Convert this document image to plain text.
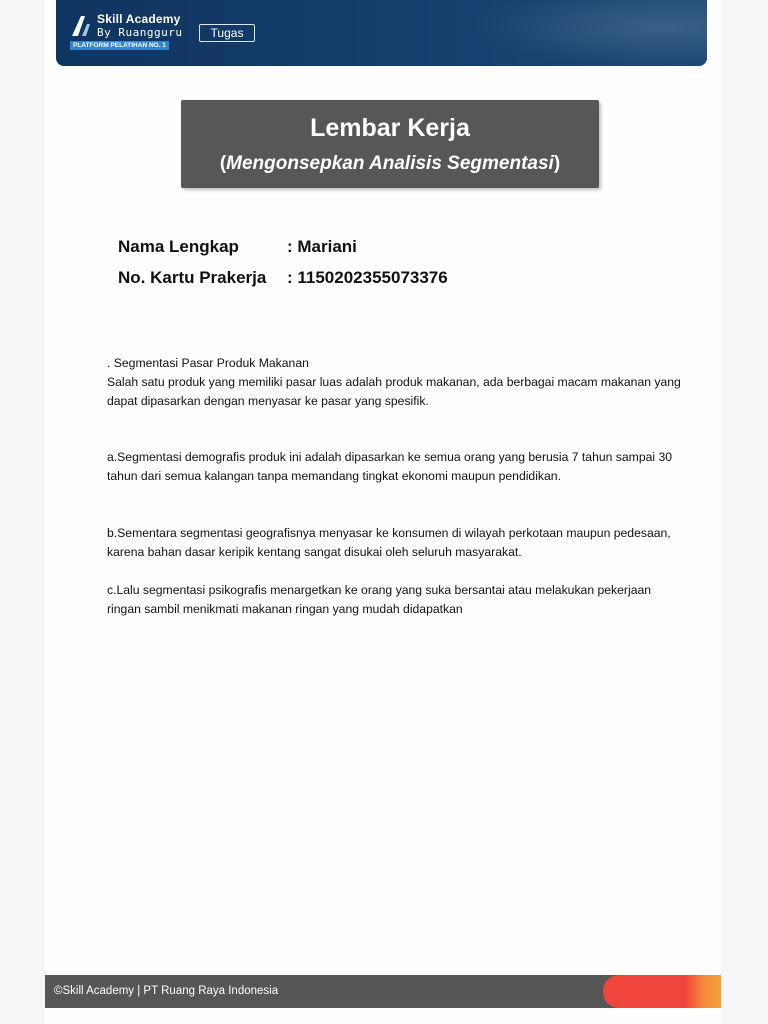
Skill Academy
By Ruangguru
PLATFORM PELATIHAN NO. 1
Tugas
Lembar Kerja
(Mengonsepkan Analisis Segmentasi)
Nama Lengkap	: Mariani
No. Kartu Prakerja : 1150202355073376
. Segmentasi Pasar Produk Makanan
Salah satu produk yang memiliki pasar luas adalah produk makanan, ada berbagai macam makanan yang dapat dipasarkan dengan menyasar ke pasar yang spesifik.
a.Segmentasi demografis produk ini adalah dipasarkan ke semua orang yang berusia 7 tahun sampai 30 tahun dari semua kalangan tanpa memandang tingkat ekonomi maupun pendidikan.
b.Sementara segmentasi geografisnya menyasar ke konsumen di wilayah perkotaan maupun pedesaan, karena bahan dasar keripik kentang sangat disukai oleh seluruh masyarakat.
c.Lalu segmentasi psikografis menargetkan ke orang yang suka bersantai atau melakukan pekerjaan ringan sambil menikmati makanan ringan yang mudah didapatkan
©Skill Academy | PT Ruang Raya Indonesia
